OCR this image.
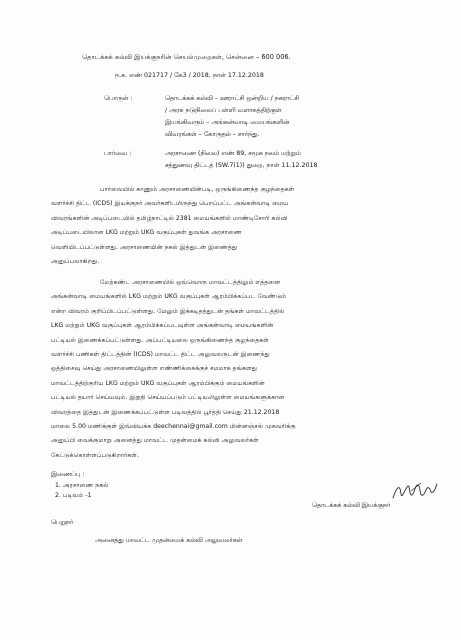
தொடக்கக் கல்வி இயக்குநரின் செயல்முறைகள், சென்னை – 600 006.
ந.க. எண் 021717 / கே3 / 2018, நாள் 17.12.2018
பொருள் :	தொடக்கக் கல்வி – ஊராட்சி ஒன்றிய / நகராட்சி
/ அரசு நடுநிலைப் பள்ளி வளாகத்திற்குள்
இயங்கிவரும் – அங்கன்வாடி மையங்களின்
விவரங்கள் – கோருதல் – சார்ந்து.
பார்வை :	அரசாணை (நிலை) எண் 89, சமூக நலம் மற்றும்
சத்துணவு திட்டத் (SW.7(1)) துறை, நாள் 11.12.2018
பார்வையில் காணும் அரசாணையின்படி, ஒருங்கிணைந்த குழந்தைகள்
வளர்ச்சி திட்ட (ICDS) இயக்குநர் அவர்களிடமிருந்து பெறப்பட்ட அங்கன்வாடி மைய
விவரங்களின் அடிப்படையில் தமிழ்நாட்டில் 2381 மையங்களில் மாண்டிசோரி கல்வி
அடிப்படையிலான LKG மற்றும் UKG வகுப்புகள் துவங்க அரசாணை
வெளியிடப்பட்டுள்ளது. அரசாணையின் நகல் இத்துடன் இணைத்து
அனுப்பலாகிறது.
மேற்கண்ட அரசாணையில் ஒவ்வொரு மாவட்டத்திலும் எத்தனை
அங்கன்வாடி மையங்களில் LKG மற்றும் UKG வகுப்புகள் ஆரம்பிக்கப்பட வேண்டும்
என்ற விவரம் குறிப்பிடப்பட்டுள்ளது. மேலும் இக்கடிதத்துடன் தங்கள் மாவட்டத்தில்
LKG மற்றும் UKG வகுப்புகள் ஆரம்பிக்கப்படவுள்ள அங்கன்வாடி மையங்களின்
பட்டியல் இணைக்கப்பட்டுள்ளது. அப்பட்டியலை ஒருங்கிணைந்த குழந்தைகள்
வளர்ச்சி பணிகள் திட்டத்தின் (ICDS) மாவட்ட திட்ட அலுவலருடன் இணைந்து
ஒத்திசைவு செய்து அரசாணையிலுள்ள எண்ணிக்கைக்குச் சமமாக தங்களது
மாவட்டத்திற்குரிய LKG மற்றும் UKG வகுப்புகள் ஆரம்பிக்கும் மையங்களின்
பட்டியல் தயார் செய்யவும். இறுதி செய்யப்படும் பட்டியலிலுள்ள மையங்களுக்கான
விவரத்தை இத்துடன் இணைக்கப்பட்டுள்ள படிவத்தில் பூர்த்தி செய்து 21.12.2018
மாலை 5.00 மணிக்குள் இவ்வியக்க deechennai@gmail.com மின்னஞ்சல் முகவரிக்கு
அனுப்பி வைக்குமாறு அனைத்து மாவட்ட முதன்மைக் கல்வி அலுவலர்கள்
கேட்டுக்கொள்ளப்படுகிறார்கள்.
இணைப்பு :
1. அரசாணை நகல்
2. படிவம் -1
தொடக்கக் கல்வி இயக்குநர்
பெறுநர்
அனைத்து மாவட்ட முதன்மைக் கல்வி அலுவலர்கள்
